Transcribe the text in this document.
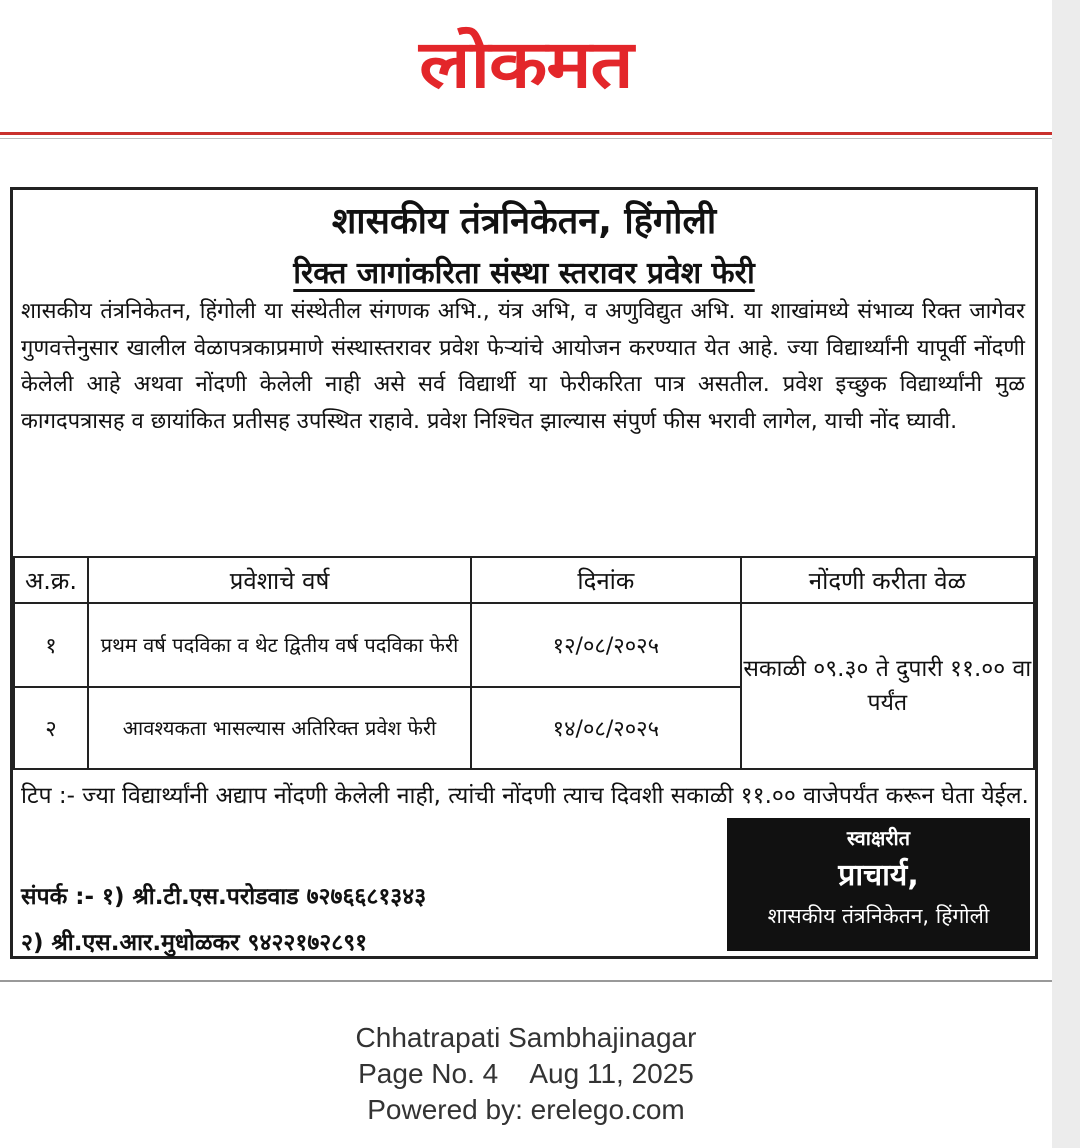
लोकमत
शासकीय तंत्रनिकेतन, हिंगोली
रिक्त जागांकरिता संस्था स्तरावर प्रवेश फेरी
शासकीय तंत्रनिकेतन, हिंगोली या संस्थेतील संगणक अभि., यंत्र अभि, व अणुविद्युत अभि. या शाखांमध्ये संभाव्य रिक्त जागेवर गुणवत्तेनुसार खालील वेळापत्रकाप्रमाणे संस्थास्तरावर प्रवेश फेऱ्यांचे आयोजन करण्यात येत आहे. ज्या विद्यार्थ्यांनी यापूर्वी नोंदणी केलेली आहे अथवा नोंदणी केलेली नाही असे सर्व विद्यार्थी या फेरीकरिता पात्र असतील. प्रवेश इच्छुक विद्यार्थ्यांनी मुळ कागदपत्रासह व छायांकित प्रतीसह उपस्थित राहावे. प्रवेश निश्चित झाल्यास संपुर्ण फीस भरावी लागेल, याची नोंद घ्यावी.
अ.क्र.	प्रवेशाचे वर्ष	दिनांक	नोंदणी करीता वेळ
१	प्रथम वर्ष पदविका व थेट द्वितीय वर्ष पदविका फेरी	१२/०८/२०२५	सकाळी ०९.३० ते दुपारी ११.०० वा पर्यंत
२	आवश्यकता भासल्यास अतिरिक्त प्रवेश फेरी	१४/०८/२०२५	
टिप :- ज्या विद्यार्थ्यांनी अद्याप नोंदणी केलेली नाही, त्यांची नोंदणी त्याच दिवशी सकाळी ११.०० वाजेपर्यंत करून घेता येईल.
संपर्क :- १) श्री.टी.एस.परोडवाड ७२७६६८१३४३
२) श्री.एस.आर.मुधोळकर ९४२२१७२८९१
स्वाक्षरीत
प्राचार्य,
शासकीय तंत्रनिकेतन, हिंगोली
Chhatrapati Sambhajinagar
Page No. 4 Aug 11, 2025
Powered by: erelego.com
